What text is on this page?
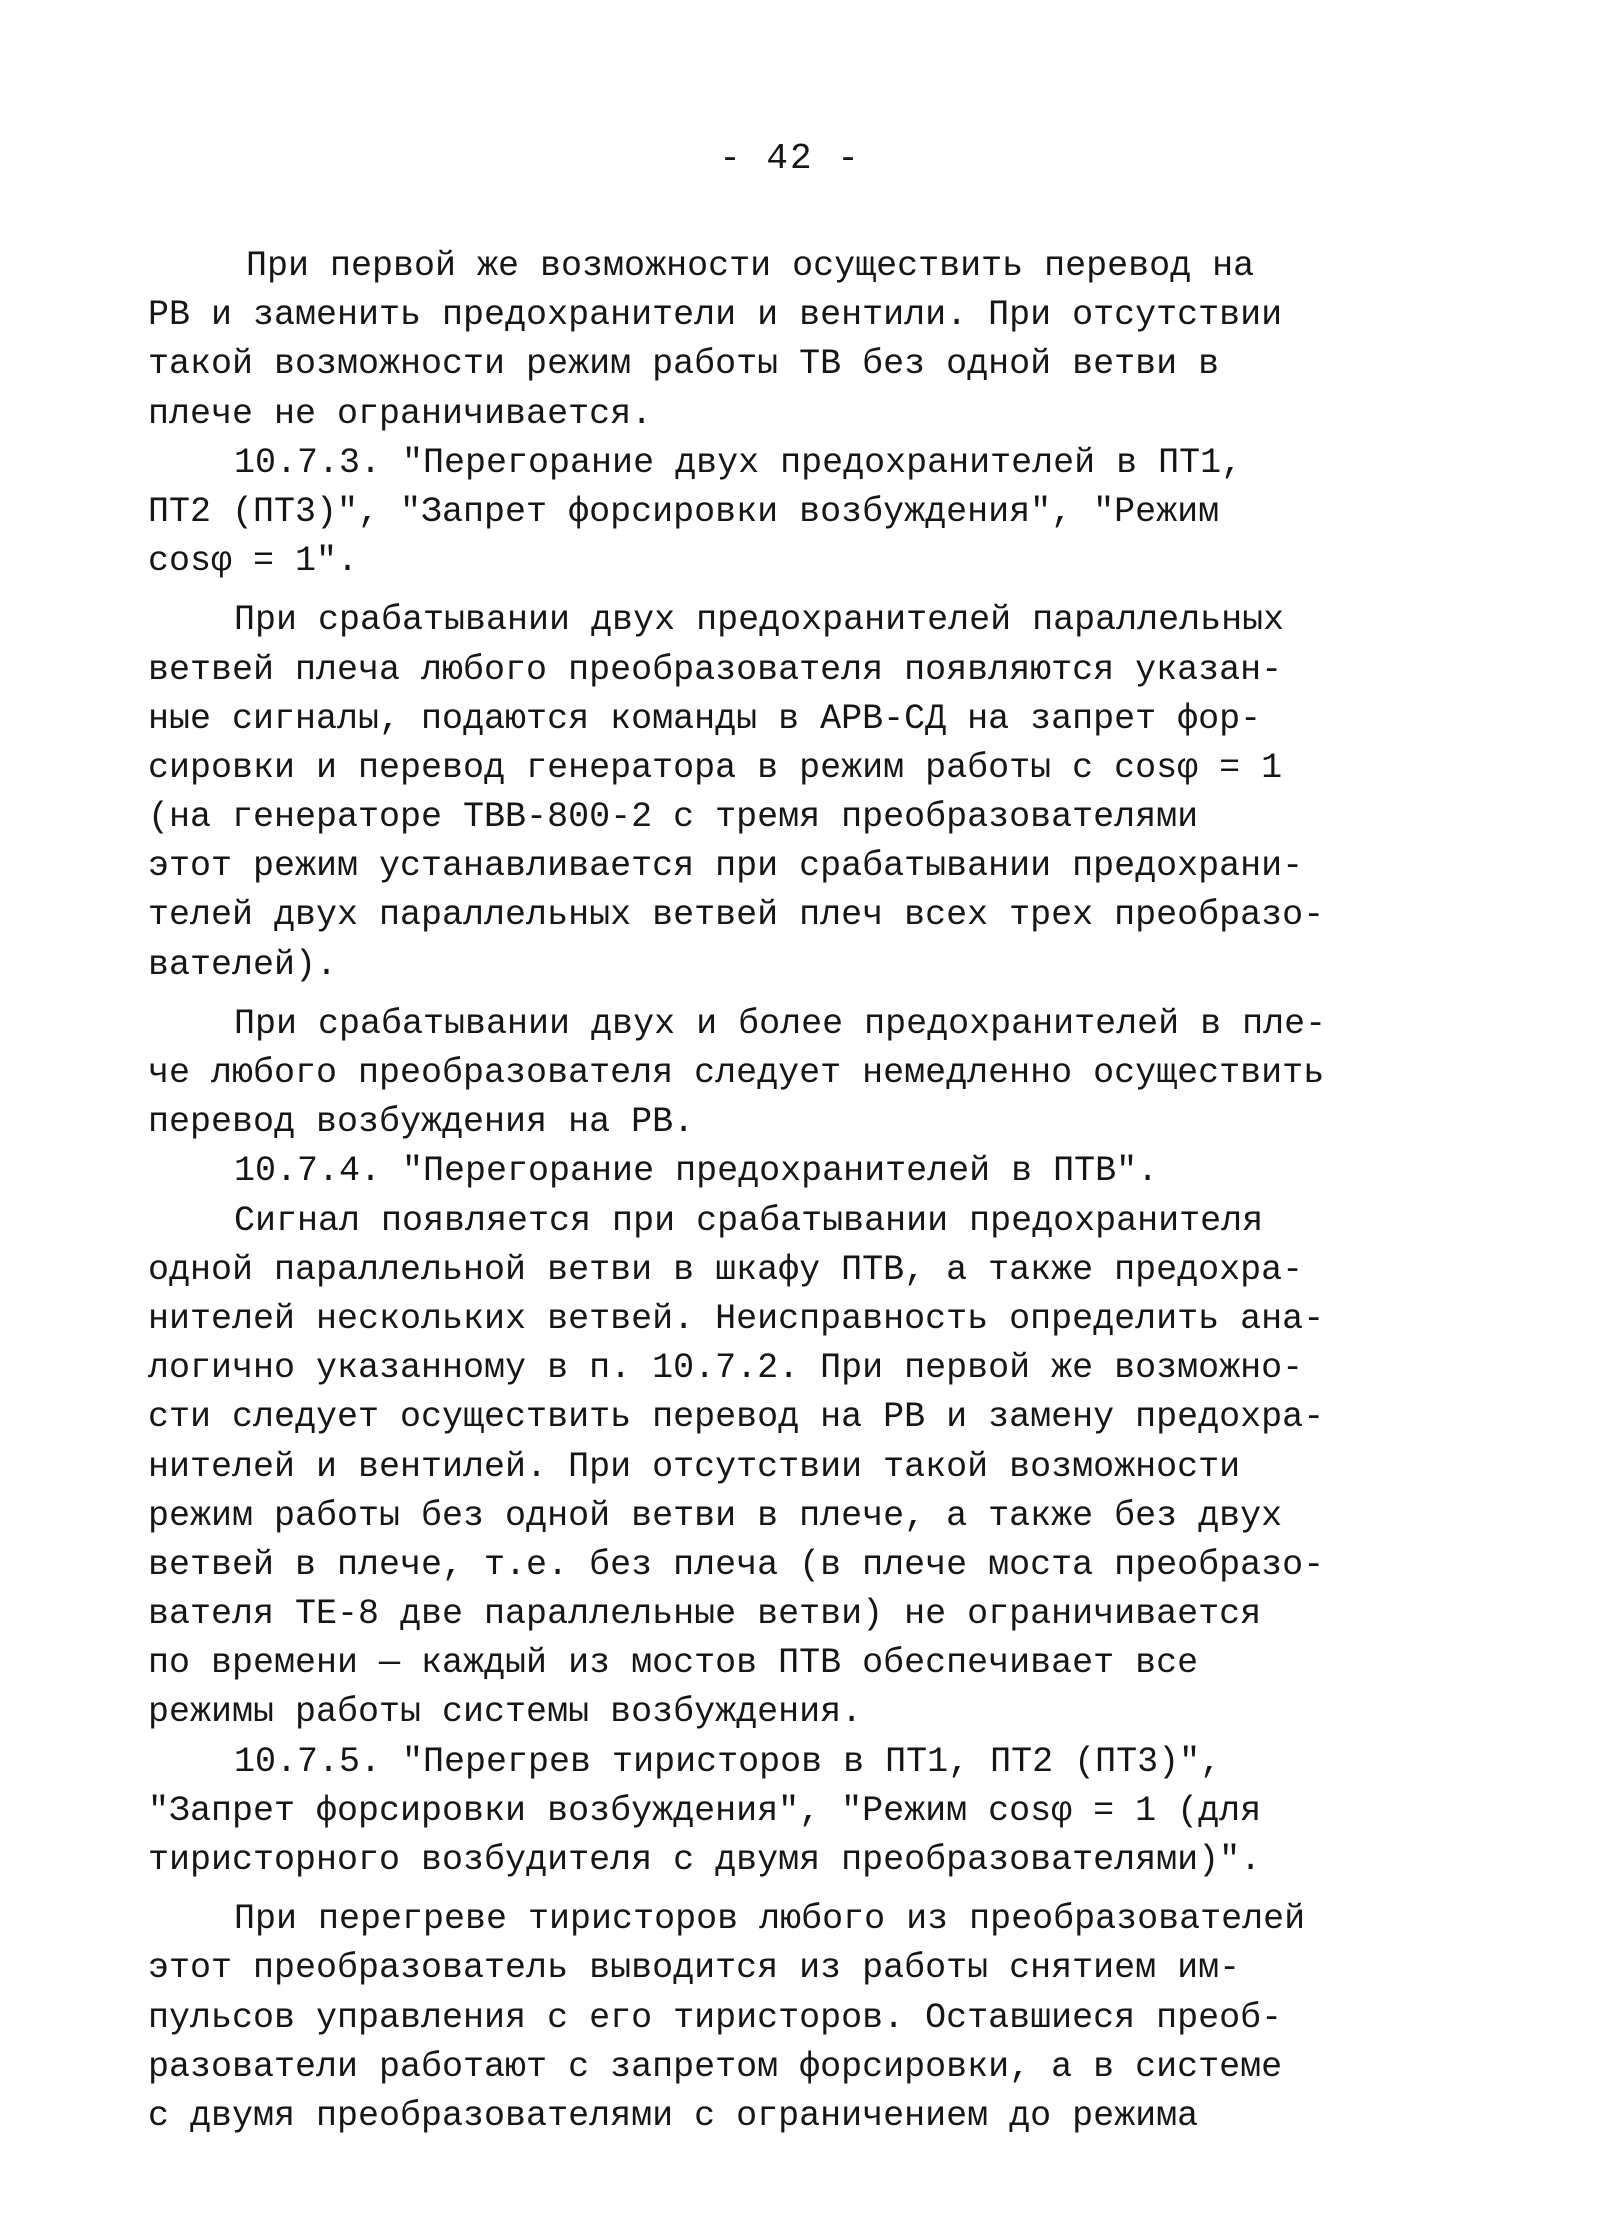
- 42 -
При первой же возможности осуществить перевод на
РВ и заменить предохранители и вентили. При отсутствии
такой возможности режим работы ТВ без одной ветви в
плече не ограничивается.
10.7.3. "Перегорание двух предохранителей в ПТ1,
ПТ2 (ПТ3)", "Запрет форсировки возбуждения", "Режим
cosφ = 1".
При срабатывании двух предохранителей параллельных
ветвей плеча любого преобразователя появляются указан-
ные сигналы, подаются команды в АРВ-СД на запрет фор-
сировки и перевод генератора в режим работы с cosφ = 1
(на генераторе ТВВ-800-2 с тремя преобразователями
этот режим устанавливается при срабатывании предохрани-
телей двух параллельных ветвей плеч всех трех преобразо-
вателей).
При срабатывании двух и более предохранителей в пле-
че любого преобразователя следует немедленно осуществить
перевод возбуждения на РВ.
10.7.4. "Перегорание предохранителей в ПТВ".
Сигнал появляется при срабатывании предохранителя
одной параллельной ветви в шкафу ПТВ, а также предохра-
нителей нескольких ветвей. Неисправность определить ана-
логично указанному в п. 10.7.2. При первой же возможно-
сти следует осуществить перевод на РВ и замену предохра-
нителей и вентилей. При отсутствии такой возможности
режим работы без одной ветви в плече, а также без двух
ветвей в плече, т.е. без плеча (в плече моста преобразо-
вателя ТЕ-8 две параллельные ветви) не ограничивается
по времени — каждый из мостов ПТВ обеспечивает все
режимы работы системы возбуждения.
10.7.5. "Перегрев тиристоров в ПТ1, ПТ2 (ПТ3)",
"Запрет форсировки возбуждения", "Режим cosφ = 1 (для
тиристорного возбудителя с двумя преобразователями)".
При перегреве тиристоров любого из преобразователей
этот преобразователь выводится из работы снятием им-
пульсов управления с его тиристоров. Оставшиеся преоб-
разователи работают с запретом форсировки, а в системе
с двумя преобразователями с ограничением до режима
